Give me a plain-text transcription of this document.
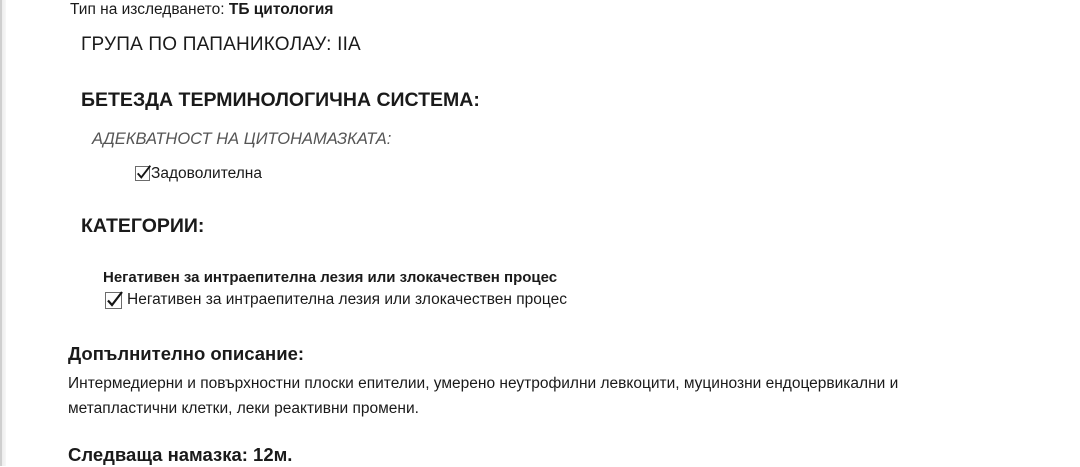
Тип на изследването: ТБ цитология
ГРУПА ПО ПАПАНИКОЛАУ: IIA
БЕТЕЗДА ТЕРМИНОЛОГИЧНА СИСТЕМА:
АДЕКВАТНОСТ НА ЦИТОНАМАЗКАТА:
Задоволителна
КАТЕГОРИИ:
Негативен за интраепителна лезия или злокачествен процес
Негативен за интраепителна лезия или злокачествен процес
Допълнително описание:
Интермедиерни и повърхностни плоски епителии, умерено неутрофилни левкоцити, муцинозни ендоцервикални и метапластични клетки, леки реактивни промени.
Следваща намазка: 12м.
